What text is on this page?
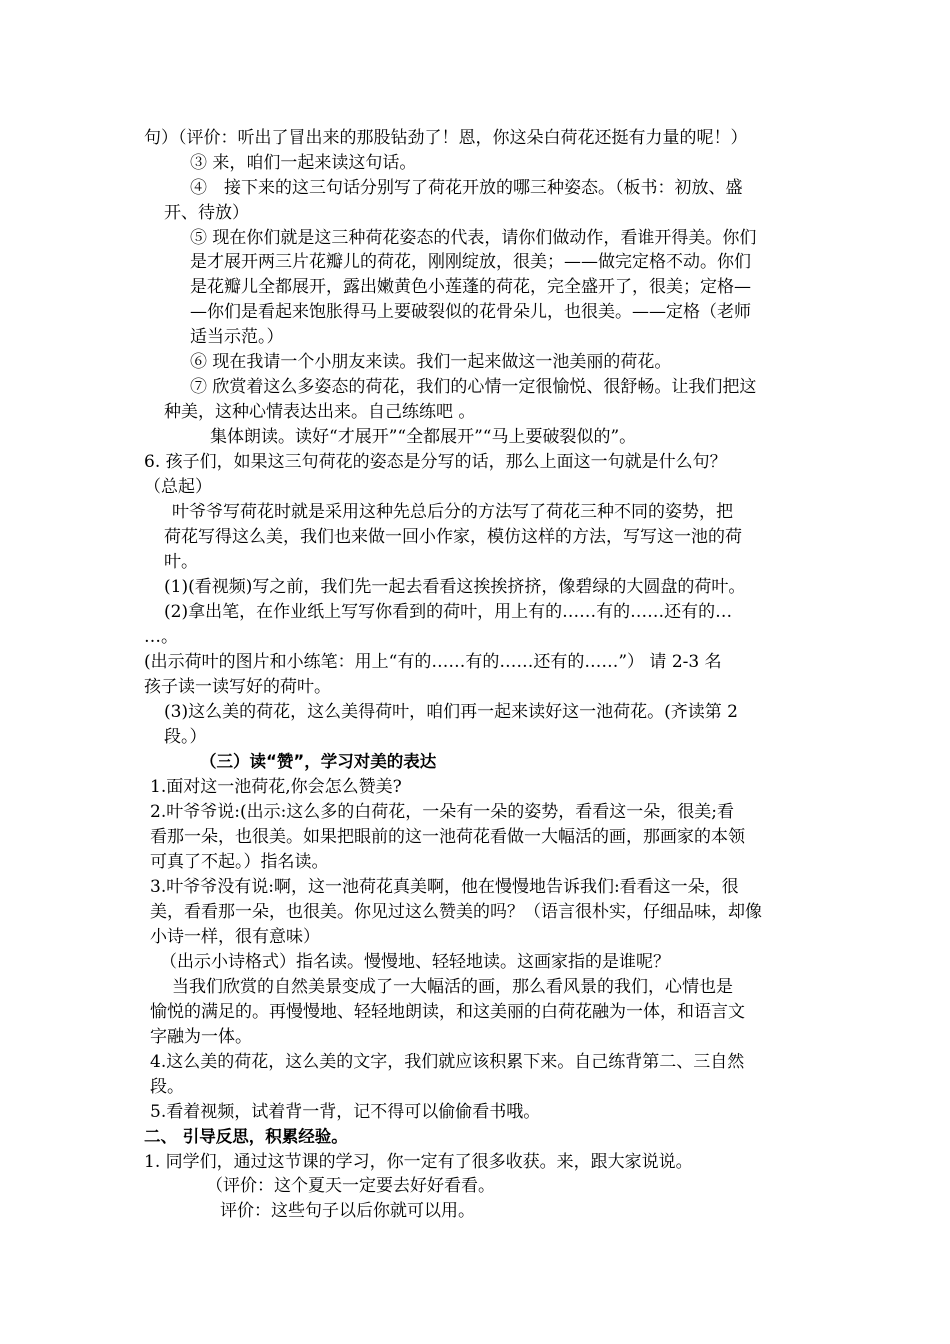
句）（评价：听出了冒出来的那股钻劲了！恩，你这朵白荷花还挺有力量的呢！）
③ 来，咱们一起来读这句话。
④　接下来的这三句话分别写了荷花开放的哪三种姿态。（板书：初放、盛
开、待放）
⑤ 现在你们就是这三种荷花姿态的代表，请你们做动作，看谁开得美。你们
是才展开两三片花瓣儿的荷花，刚刚绽放，很美；——做完定格不动。你们
是花瓣儿全都展开，露出嫩黄色小莲蓬的荷花，完全盛开了，很美；定格—
—你们是看起来饱胀得马上要破裂似的花骨朵儿，也很美。——定格（老师
适当示范。）
⑥ 现在我请一个小朋友来读。我们一起来做这一池美丽的荷花。
⑦ 欣赏着这么多姿态的荷花，我们的心情一定很愉悦、很舒畅。让我们把这
种美，这种心情表达出来。自己练练吧 。
集体朗读。读好“才展开”“全都展开”“马上要破裂似的”。
6. 孩子们，如果这三句荷花的姿态是分写的话，那么上面这一句就是什么句？
（总起）
叶爷爷写荷花时就是采用这种先总后分的方法写了荷花三种不同的姿势，把
荷花写得这么美，我们也来做一回小作家，模仿这样的方法，写写这一池的荷
叶。
(1)(看视频)写之前，我们先一起去看看这挨挨挤挤，像碧绿的大圆盘的荷叶。
(2)拿出笔，在作业纸上写写你看到的荷叶，用上有的……有的……还有的…
…。
(出示荷叶的图片和小练笔：用上“有的……有的……还有的……”） 请 2-3 名
孩子读一读写好的荷叶。
(3)这么美的荷花，这么美得荷叶，咱们再一起来读好这一池荷花。(齐读第 2
段。）
（三）读“赞”，学习对美的表达
1.面对这一池荷花,你会怎么赞美?
2.叶爷爷说:(出示:这么多的白荷花，一朵有一朵的姿势，看看这一朵，很美;看
看那一朵，也很美。如果把眼前的这一池荷花看做一大幅活的画，那画家的本领
可真了不起。）指名读。
3.叶爷爷没有说:啊，这一池荷花真美啊，他在慢慢地告诉我们:看看这一朵，很
美，看看那一朵，也很美。你见过这么赞美的吗？（语言很朴实，仔细品味，却像
小诗一样，很有意味）
（出示小诗格式）指名读。慢慢地、轻轻地读。这画家指的是谁呢？
当我们欣赏的自然美景变成了一大幅活的画，那么看风景的我们，心情也是
愉悦的满足的。再慢慢地、轻轻地朗读，和这美丽的白荷花融为一体，和语言文
字融为一体。
4.这么美的荷花，这么美的文字，我们就应该积累下来。自己练背第二、三自然
段。
5.看着视频，试着背一背，记不得可以偷偷看书哦。
二、 引导反思，积累经验。
1. 同学们，通过这节课的学习，你一定有了很多收获。来，跟大家说说。
（评价：这个夏天一定要去好好看看。
评价：这些句子以后你就可以用。
